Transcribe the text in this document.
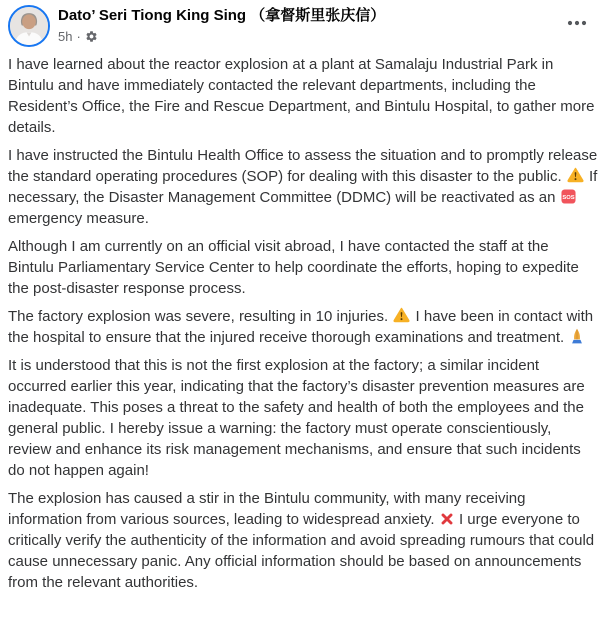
Dato’ Seri Tiong King Sing （拿督斯里张庆信）
5h ·

I have learned about the reactor explosion at a plant at Samalaju Industrial Park in Bintulu and have immediately contacted the relevant departments, including the Resident’s Office, the Fire and Rescue Department, and Bintulu Hospital, to gather more details.

I have instructed the Bintulu Health Office to assess the situation and to promptly release the standard operating procedures (SOP) for dealing with this disaster to the public.  If necessary, the Disaster Management Committee (DDMC) will be reactivated as an SOS
emergency measure.

Although I am currently on an official visit abroad, I have contacted the staff at the Bintulu Parliamentary Service Center to help coordinate the efforts, hoping to expedite the post-disaster response process.

The factory explosion was severe, resulting in 10 injuries.  I have been in contact with the hospital to ensure that the injured receive thorough examinations and treatment.

It is understood that this is not the first explosion at the factory; a similar incident occurred earlier this year, indicating that the factory’s disaster prevention measures are inadequate. This poses a threat to the safety and health of both the employees and the general public. I hereby issue a warning: the factory must operate conscientiously, review and enhance its risk management mechanisms, and ensure that such incidents do not happen again!

The explosion has caused a stir in the Bintulu community, with many receiving information from various sources, leading to widespread anxiety.  I urge everyone to critically verify the authenticity of the information and avoid spreading rumours that could cause unnecessary panic. Any official information should be based on announcements from the relevant authorities.
